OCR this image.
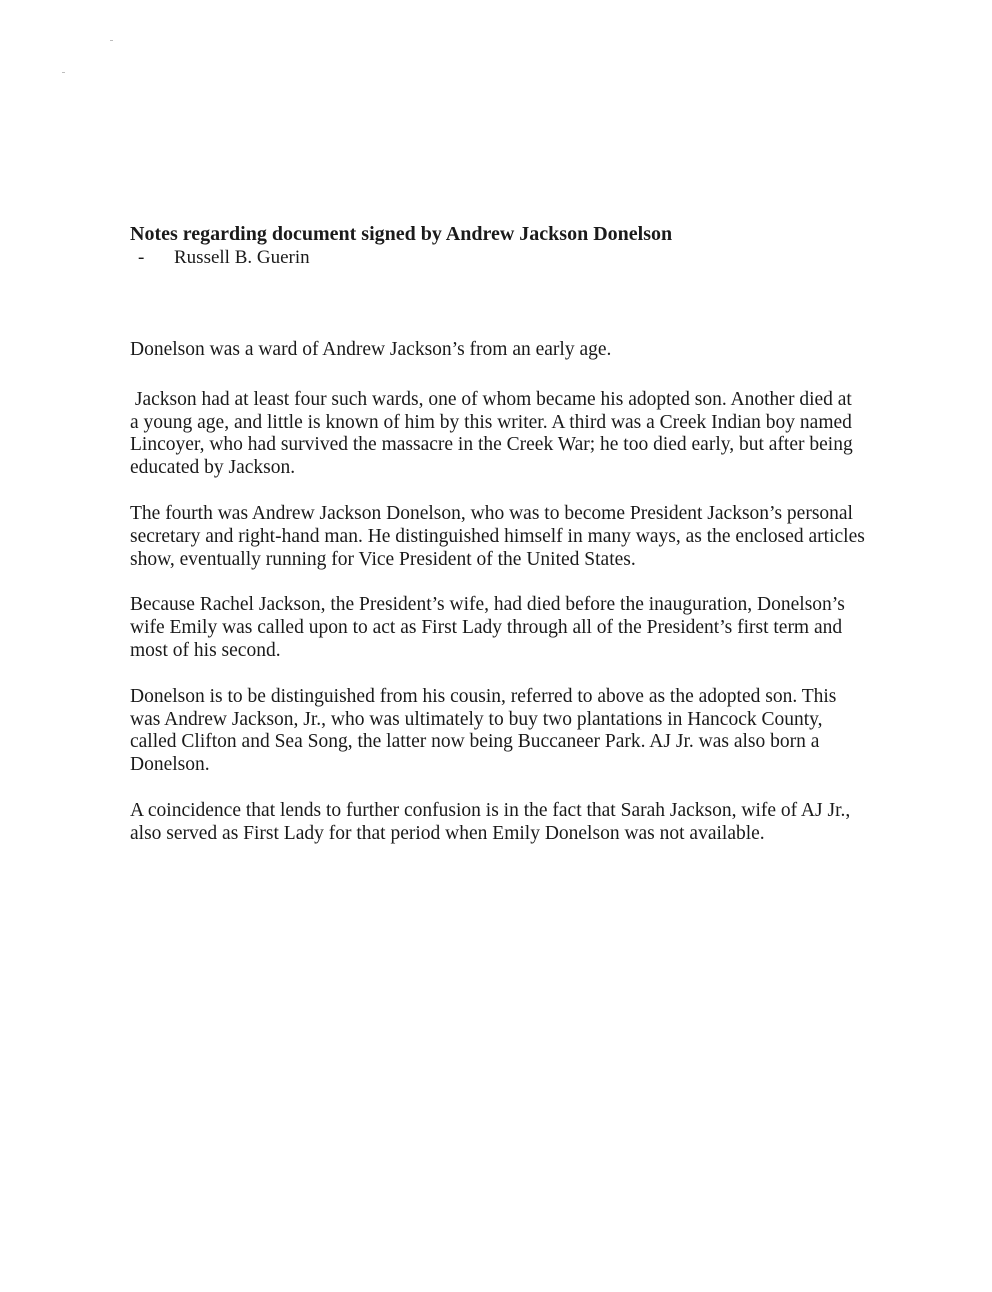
Notes regarding document signed by Andrew Jackson Donelson
- Russell B. Guerin

Donelson was a ward of Andrew Jackson’s from an early age.

Jackson had at least four such wards, one of whom became his adopted son. Another died at a young age, and little is known of him by this writer. A third was a Creek Indian boy named Lincoyer, who had survived the massacre in the Creek War; he too died early, but after being educated by Jackson.

The fourth was Andrew Jackson Donelson, who was to become President Jackson’s personal secretary and right-hand man. He distinguished himself in many ways, as the enclosed articles show, eventually running for Vice President of the United States.

Because Rachel Jackson, the President’s wife, had died before the inauguration, Donelson’s wife Emily was called upon to act as First Lady through all of the President’s first term and most of his second.

Donelson is to be distinguished from his cousin, referred to above as the adopted son. This was Andrew Jackson, Jr., who was ultimately to buy two plantations in Hancock County, called Clifton and Sea Song, the latter now being Buccaneer Park. AJ Jr. was also born a Donelson.

A coincidence that lends to further confusion is in the fact that Sarah Jackson, wife of AJ Jr., also served as First Lady for that period when Emily Donelson was not available.
